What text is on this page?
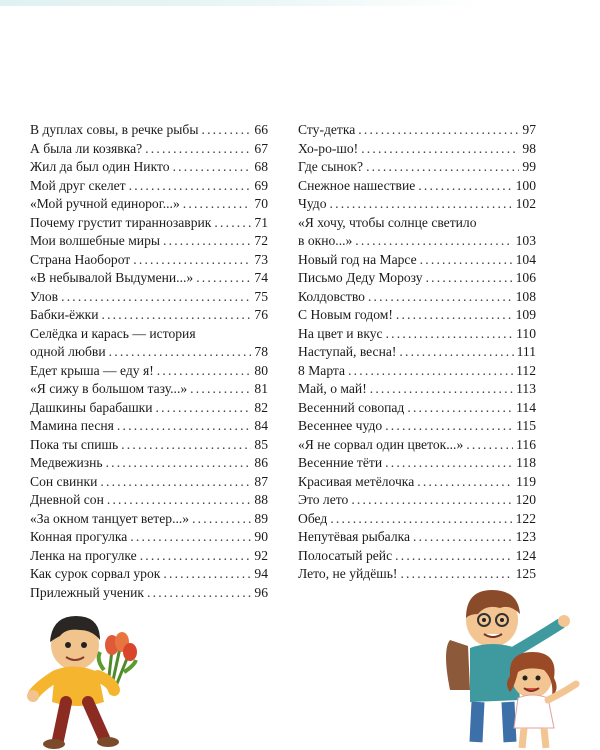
В дуплах совы, в речке рыбы .....	66
А была ли козявка? .....	67
Жил да был один Никто .....	68
Мой друг скелет .....	69
«Мой ручной единорог...» .....	70
Почему грустит тираннозаврик .....	71
Мои волшебные миры .....	72
Страна Наоборот .....	73
«В небывалой Выдумени...» .....	74
Улов .....	75
Бабки-ёжки .....	76
Селёдка и карась — история
одной любви .....	78
Едет крыша — еду я! .....	80
«Я сижу в большом тазу...» .....	81
Дашкины барабашки .....	82
Мамина песня .....	84
Пока ты спишь .....	85
Медвежизнь .....	86
Сон свинки .....	87
Дневной сон .....	88
«За окном танцует ветер...» .....	89
Конная прогулка .....	90
Ленка на прогулке .....	92
Как сурок сорвал урок .....	94
Прилежный ученик .....	96
Сту-детка .....	97
Хо-ро-шо! .....	98
Где сынок? .....	99
Снежное нашествие .....	100
Чудо .....	102
«Я хочу, чтобы солнце светило
в окно...» .....	103
Новый год на Марсе .....	104
Письмо Деду Морозу .....	106
Колдовство .....	108
С Новым годом! .....	109
На цвет и вкус .....	110
Наступай, весна! .....	111
8 Марта .....	112
Май, о май! .....	113
Весенний совопад .....	114
Весеннее чудо .....	115
«Я не сорвал один цветок...» .....	116
Весенние тёти .....	118
Красивая метёлочка .....	119
Это лето .....	120
Обед .....	122
Непутёвая рыбалка .....	123
Полосатый рейс .....	124
Лето, не уйдёшь! .....	125
